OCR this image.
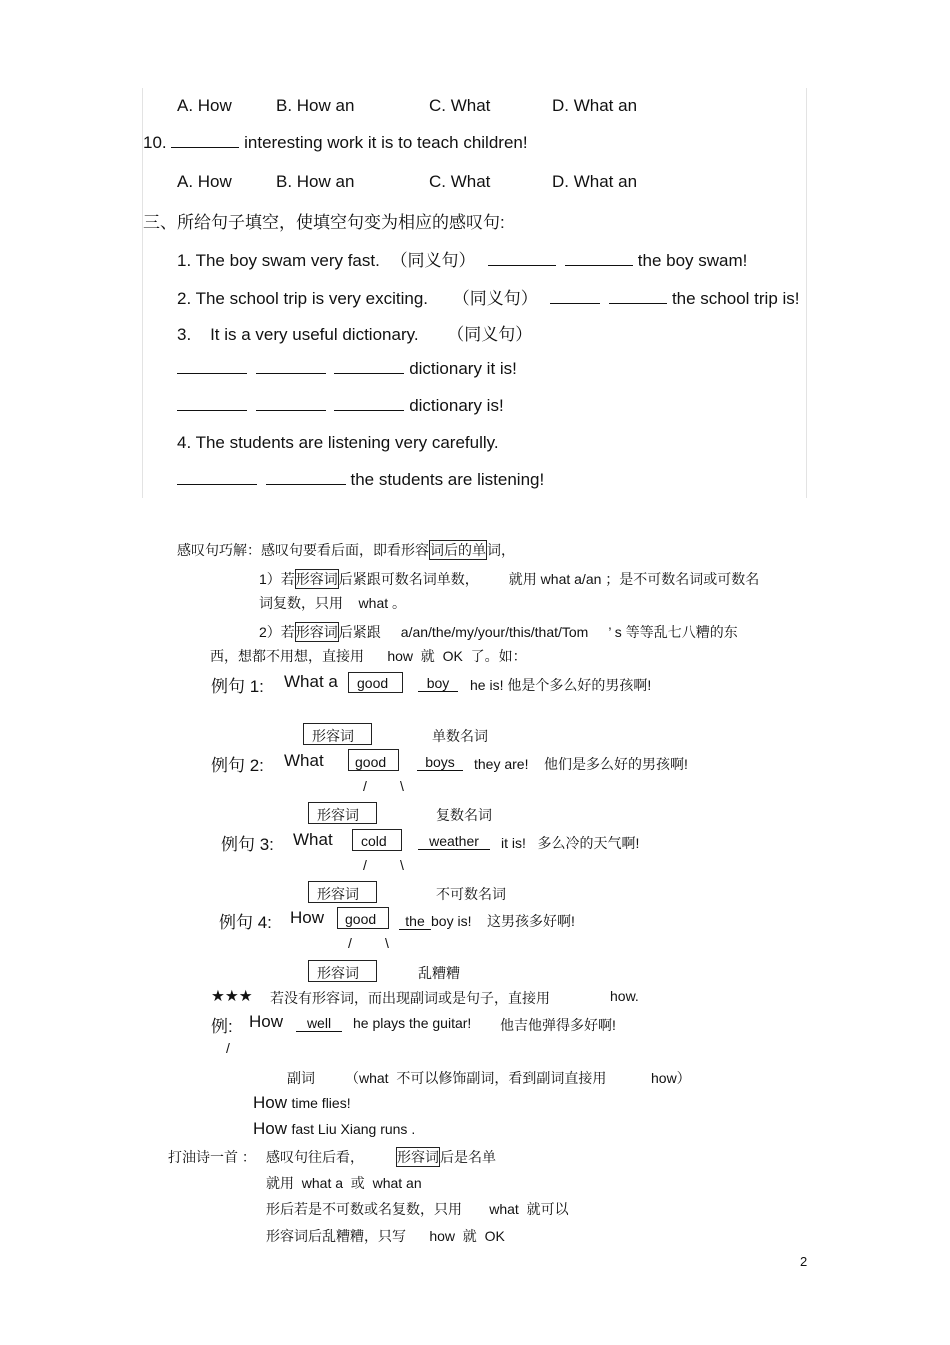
A. How	B. How an	C. What	D. What an
10.	interesting work it is to teach children!
A. How	B. How an	C. What	D. What an
三、所给句子填空，使填空句变为相应的感叹句:
1. The boy swam very fast. （同义句）	the boy swam!
2. The school trip is very exciting. （同义句）	the school trip is!
3.    It is a very useful dictionary. （同义句）
dictionary it is!
dictionary is!
4. The students are listening very carefully.
the students are listening!
感叹句巧解：感叹句要看后面，即看形容词后的单词，
1）若形容词后紧跟可数名词单数， 就用 what a/an ；是不可数名词或可数名
词复数，只用    what 。
2）若形容词后紧跟 a/an/the/my/your/this/that/Tom ’ s 等等乱七八糟的东
西，想都不用想，直接用      how  就  OK  了。如：
例句 1: What a good	boy	he is! 他是个多么好的男孩啊!
形容词	单数名词
例句 2: What good	boys	they are!    他们是多么好的男孩啊!
/ \
形容词	复数名词
例句 3: What cold	weather	it is!   多么冷的天气啊!
/ \
形容词	不可数名词
例句 4: How good	the boy is!    这男孩多好啊!
/ \
形容词	乱糟糟
★★★ 若没有形容词，而出现副词或是句子，直接用	how.
例: How	well	he plays the guitar! 他吉他弹得多好啊!
/
副词 （what  不可以修饰副词，看到副词直接用	how）
How time flies!
How fast Liu Xiang runs .
打油诗一首 ： 感叹句往后看， 形容词后是名单
就用  what a  或  what an
形后若是不可数或名复数，只用       what  就可以
形容词后乱糟糟，只写      how  就  OK
2
